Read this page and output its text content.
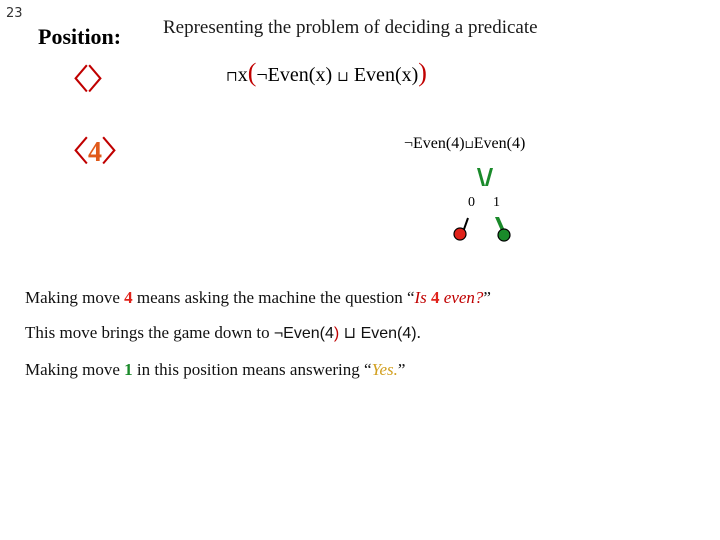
23
Position: Representing the problem of deciding a predicate
〈〉	⊓x(¬Even(x) ⊔ Even(x))
〈4〉	¬Even(4)⊔Even(4)
0 1
Making move 4 means asking the machine the question “Is 4 even?”
This move brings the game down to ¬Even(4) ⊔ Even(4).
Making move 1 in this position means answering “Yes.”
